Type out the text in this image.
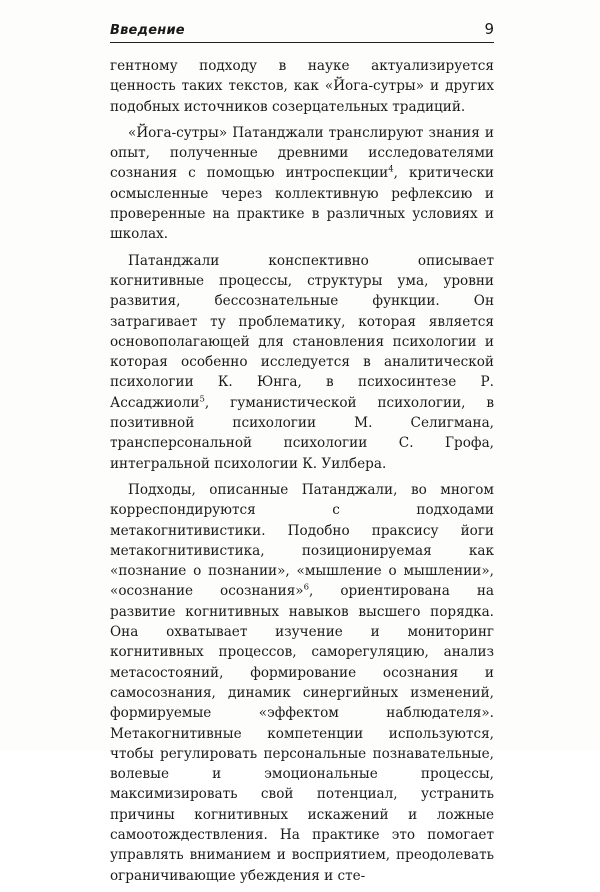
Введение	9

гентному подходу в науке актуализируется ценность таких текстов, как «Йога-сутры» и других подобных источников созерцательных традиций.

«Йога-сутры» Патанджали транслируют знания и опыт, полученные древними исследователями сознания с помощью интроспекции$^4$, критически осмысленные через коллективную рефлексию и проверенные на практике в различных условиях и школах.

Патанджали конспективно описывает когнитивные процессы, структуры ума, уровни развития, бессознательные функции. Он затрагивает ту проблематику, которая является основополагающей для становления психологии и которая особенно исследуется в аналитической психологии К. Юнга, в психосинтезе Р. Ассаджиоли$^5$, гуманистической психологии, в позитивной психологии М. Селигмана, трансперсональной психологии С. Грофа, интегральной психологии К. Уилбера.

Подходы, описанные Патанджали, во многом корреспондируются с подходами метакогнитивистики. Подобно праксису йоги метакогнитивистика, позиционируемая как «познание о познании», «мышление о мышлении», «осознание осознания»$^6$, ориентирована на развитие когнитивных навыков высшего порядка. Она охватывает изучение и мониторинг когнитивных процессов, саморегуляцию, анализ метасостояний, формирование осознания и самосознания, динамик синергийных изменений, формируемые «эффектом наблюдателя». Метакогнитивные компетенции используются, чтобы регулировать персональные познавательные, волевые и эмоциональные процессы, максимизировать свой потенциал, устранить причины когнитивных искажений и ложные самоотождествления. На практике это помогает управлять вниманием и восприятием, преодолевать ограничивающие убеждения и сте-
